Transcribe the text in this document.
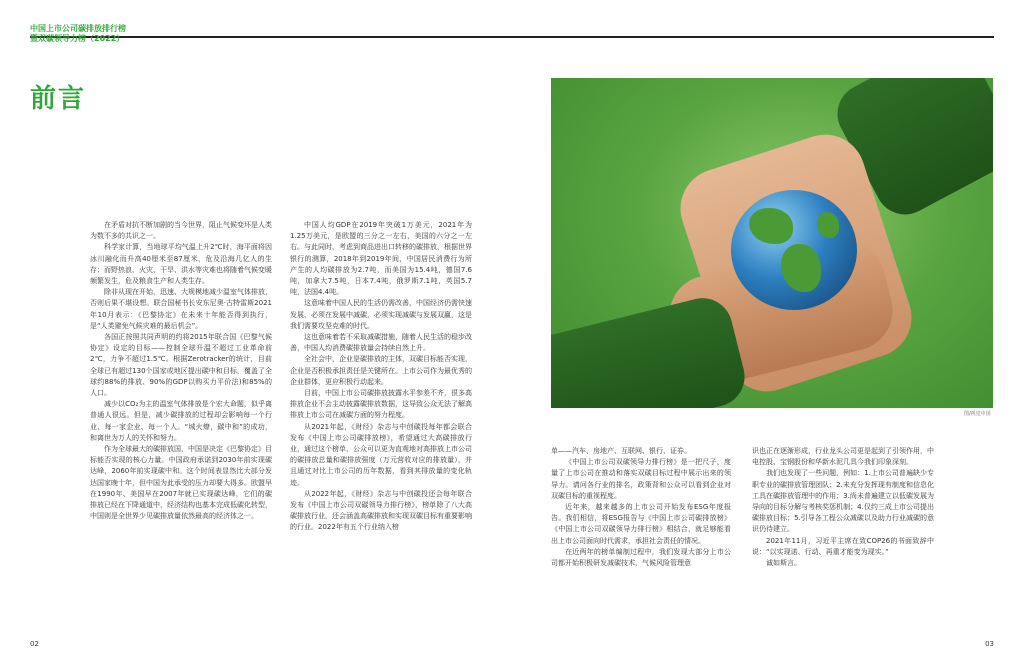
中国上市公司碳排放排行榜
暨双碳领导力榜（2022）
前言

在矛盾对抗不断加剧的当今世界，阻止气候变坏是人类为数不多的共识之一。

科学家计算，当地球平均气温上升2℃时，海平面将因冰川融化而升高40厘米至87厘米，危及沿海几亿人的生存；而野热浪、火灾、干旱、洪水等灾难也将随着气候变暖频繁发生，危及粮食生产和人类生存。

除非从现在开始，迅速、大规模地减少温室气体排放，否则后果不堪设想。联合国秘书长安东尼奥·古特雷斯2021年10月表示：《巴黎协定》在未来十年能否得到执行，是“人类避免气候灾难的最后机会”。

各国正按照共同声明的约将2015年联合国《巴黎气候协定》设定的目标——控制全球升温不超过工业革命前2℃，力争不超过1.5℃。根据Zerotracker的统计，目前全球已有超过130个国家或地区提出碳中和目标，覆盖了全球约88%的排放、90%的GDP以购买力平价法)和85%的人口。

减少以CO₂为主的温室气体排放是个宏大命题，似乎离普通人很远。但是，减少碳排放的过程却会影响每一个行业、每一家企业、每一个人。“城火燎，碳中和”的成功，和离世为万人的关怀和努力。

作为全球最大的碳排放国，中国是决定《巴黎协定》目标能否实现的核心力量。中国政府承诺到2030年前实现碳达峰，2060年前实现碳中和。这个时间表显然比大部分发达国家晚十年，但中国为此承受的压力却要大得多。欧盟早在1990年、美国早在2007年就已实现碳达峰，它们的碳排放已经在下降通道中，经济结构也基本完成低碳化转型，中国则是全世界少见碳排放量依然最高的经济体之一。

中国人均GDP在2019年突破1万美元，2021年为1.25万美元，是欧盟的三分之一左右，美国的六分之一左右。与此同时，考虑到商品进出口转移的碳排放，根据世界银行的测算，2018年到2019年间，中国居民消费行为所产生的人均碳排放为2.7吨，而美国为15.4吨，德国7.6吨，加拿大7.5吨，日本7.4吨，俄罗斯7.1吨，英国5.7吨，法国4.4吨。

这意味着中国人民的生活仍需改善，中国经济仍需快速发展，必须在发展中减碳，必须实现减碳与发展双赢，这是我们需要攻坚克难的时代。

这也意味着若不采取减碳措施，随着人民生活的稳步改善，中国人均消费碳排放量会持续自然上升。

全社会中，企业是碳排放的主体，双碳目标能否实现，企业是否积极承担责任是关键所在。上市公司作为最优秀的企业群体，更应积极行动起来。

目前，中国上市公司碳排放披露水平参差不齐，很多高排放企业不会主动披露碳排放数据，这导致公众无法了解高排放上市公司在减碳方面的努力程度。

从2021年起，《财经》杂志与中创碳投每年都会联合发布《中国上市公司碳排放榜》，希望通过大高碳排放行业，通过这个榜单，公众可以更为直观地对高排放上市公司的碳排放总量和碳排放强度（万元营收对应的排放量），并且通过对比上市公司的历年数据，看到其排放量的变化轨迹。

从2022年起，《财经》杂志与中创碳投还会每年联合发布《中国上市公司双碳领导力排行榜》，榜单除了八大高碳排放行业，还会涵盖高碳排放和实现双碳目标有重要影响的行业。2022年有五个行业纳入榜

02	03
图/视觉中国

单——汽车、房地产、互联网、银行、证券。

《中国上市公司双碳领导力排行榜》是一把尺子，度量了上市公司在推动和落实双碳目标过程中展示出来的领导力。请问各行业的排名，政策背和公众可以看到企业对双碳目标的重视程度。

近年来，越来越多的上市公司开始发布ESG年度报告。我们相信，将ESG报告与《中国上市公司碳排放榜》《中国上市公司双碳领导力排行榜》相结合，就足够能看出上市公司面向时代需求，承担社会责任的情况。

在近两年的榜单编制过程中，我们发现大部分上市公司都开始积极研发减碳技术，气候风险管理意

识也正在逐渐形成，行业龙头公司更是起到了引领作用，中电控股、宝钢股份和华新水泥几具今我们印象深刻。

我们也发现了一些问题，例如：1.上市公司普遍缺少专职专业的碳排放管理团队；2.未充分发挥现有制度和信息化工具在碳排放管理中的作用；3.尚未普遍建立以低碳发展为导向的目标分解与考核奖惩机制；4.仅约三成上市公司提出碳排放目标；5.引导各工程公众减碳以及助力行业减碳的意识仍待建立。

2021年11月，习近平主席在致COP26的书面致辞中说：“以实现诺、行动、再重才能变为现实。”

诚如斯言。
